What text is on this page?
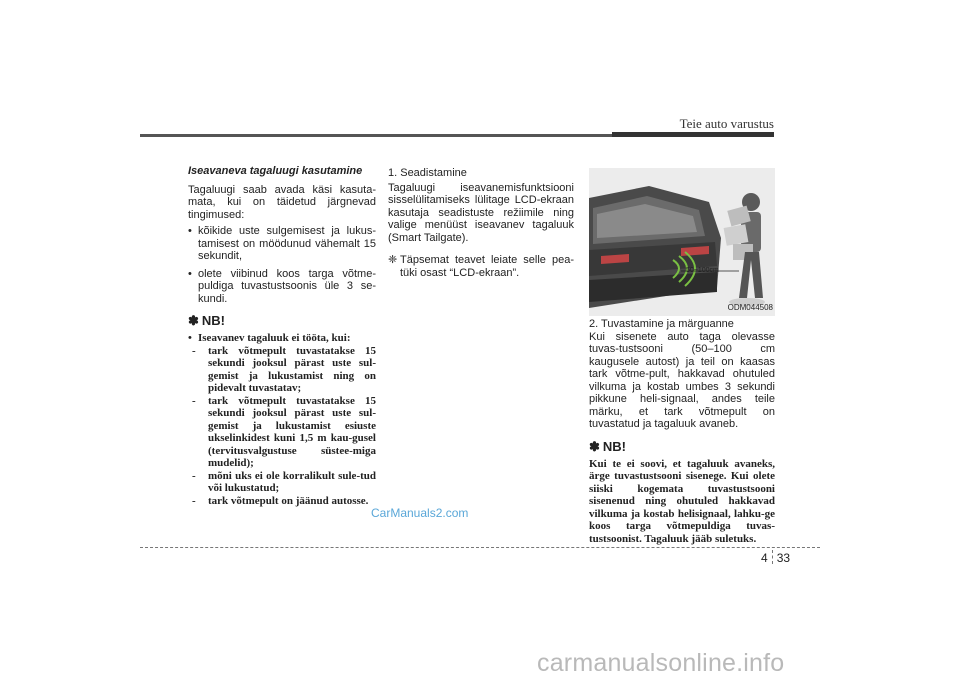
Teie auto varustus
Iseavaneva tagaluugi kasutamine

Tagaluugi saab avada käsi kasuta-mata, kui on täidetud järgnevad tingimused:

• kõikide uste sulgemisest ja lukus-tamisest on möödunud vähemalt 15 sekundit,
• olete viibinud koos targa võtme-puldiga tuvastustsoonis üle 3 se-kundi.
✽ NB!
• Iseavanev tagaluuk ei tööta, kui:
- tark võtmepult tuvastatakse 15 sekundi jooksul pärast uste sul-gemist ja lukustamist ning on pidevalt tuvastatav;
- tark võtmepult tuvastatakse 15 sekundi jooksul pärast uste sul-gemist ja lukustamist esiuste ukselinkidest kuni 1,5 m kau-gusel (tervitusvalgustuse süstee-miga mudelid);
- mõni uks ei ole korralikult sule-tud või lukustatud;
- tark võtmepult on jäänud autosse.
1. Seadistamine
Tagaluugi iseavanemisfunktsiooni sisselülitamiseks lülitage LCD-ekraan kasutaja seadistuste režiimile ning valige menüüst iseavanev tagaluuk (Smart Tailgate).
❈ Täpsemat teavet leiate selle pea-tüki osast “LCD-ekraan”.	50~100cm
ODM044508
2. Tuvastamine ja märguanne
Kui sisenete auto taga olevasse tuvas-tustsooni (50–100 cm kaugusele autost) ja teil on kaasas tark võtme-pult, hakkavad ohutuled vilkuma ja kostab umbes 3 sekundi pikkune heli-signaal, andes teile märku, et tark võtmepult on tuvastatud ja tagaluuk avaneb.
✽ NB!
Kui te ei soovi, et tagaluuk avaneks, ärge tuvastustsooni sisenege. Kui olete siiski kogemata tuvastustsooni sisenenud ning ohutuled hakkavad vilkuma ja kostab helisignaal, lahku-ge koos targa võtmepuldiga tuvas-tustsoonist. Tagaluuk jääb suletuks.
4 33
CarManuals2.com
carmanualsonline.info
